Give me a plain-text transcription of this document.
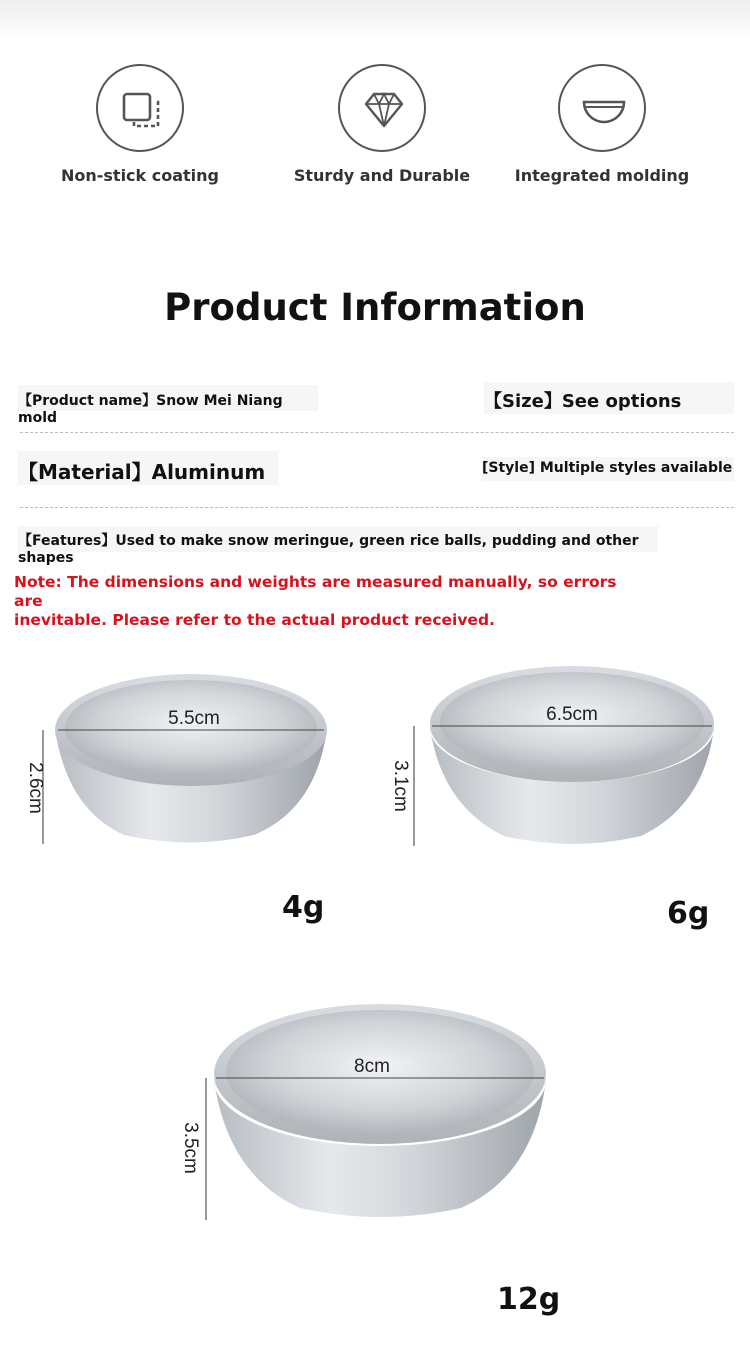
Non-stick coating	Sturdy and Durable	Integrated molding
Product Information
【Product name】Snow Mei Niang mold
【Size】See options
【Material】Aluminum	[Style] Multiple styles available
【Features】Used to make snow meringue, green rice balls, pudding and other shapes
Note: The dimensions and weights are measured manually, so errors are
inevitable. Please refer to the actual product received.
5.5cm
2.6cm
4g
6.5cm
3.1cm
6g
8cm
3.5cm
12g
